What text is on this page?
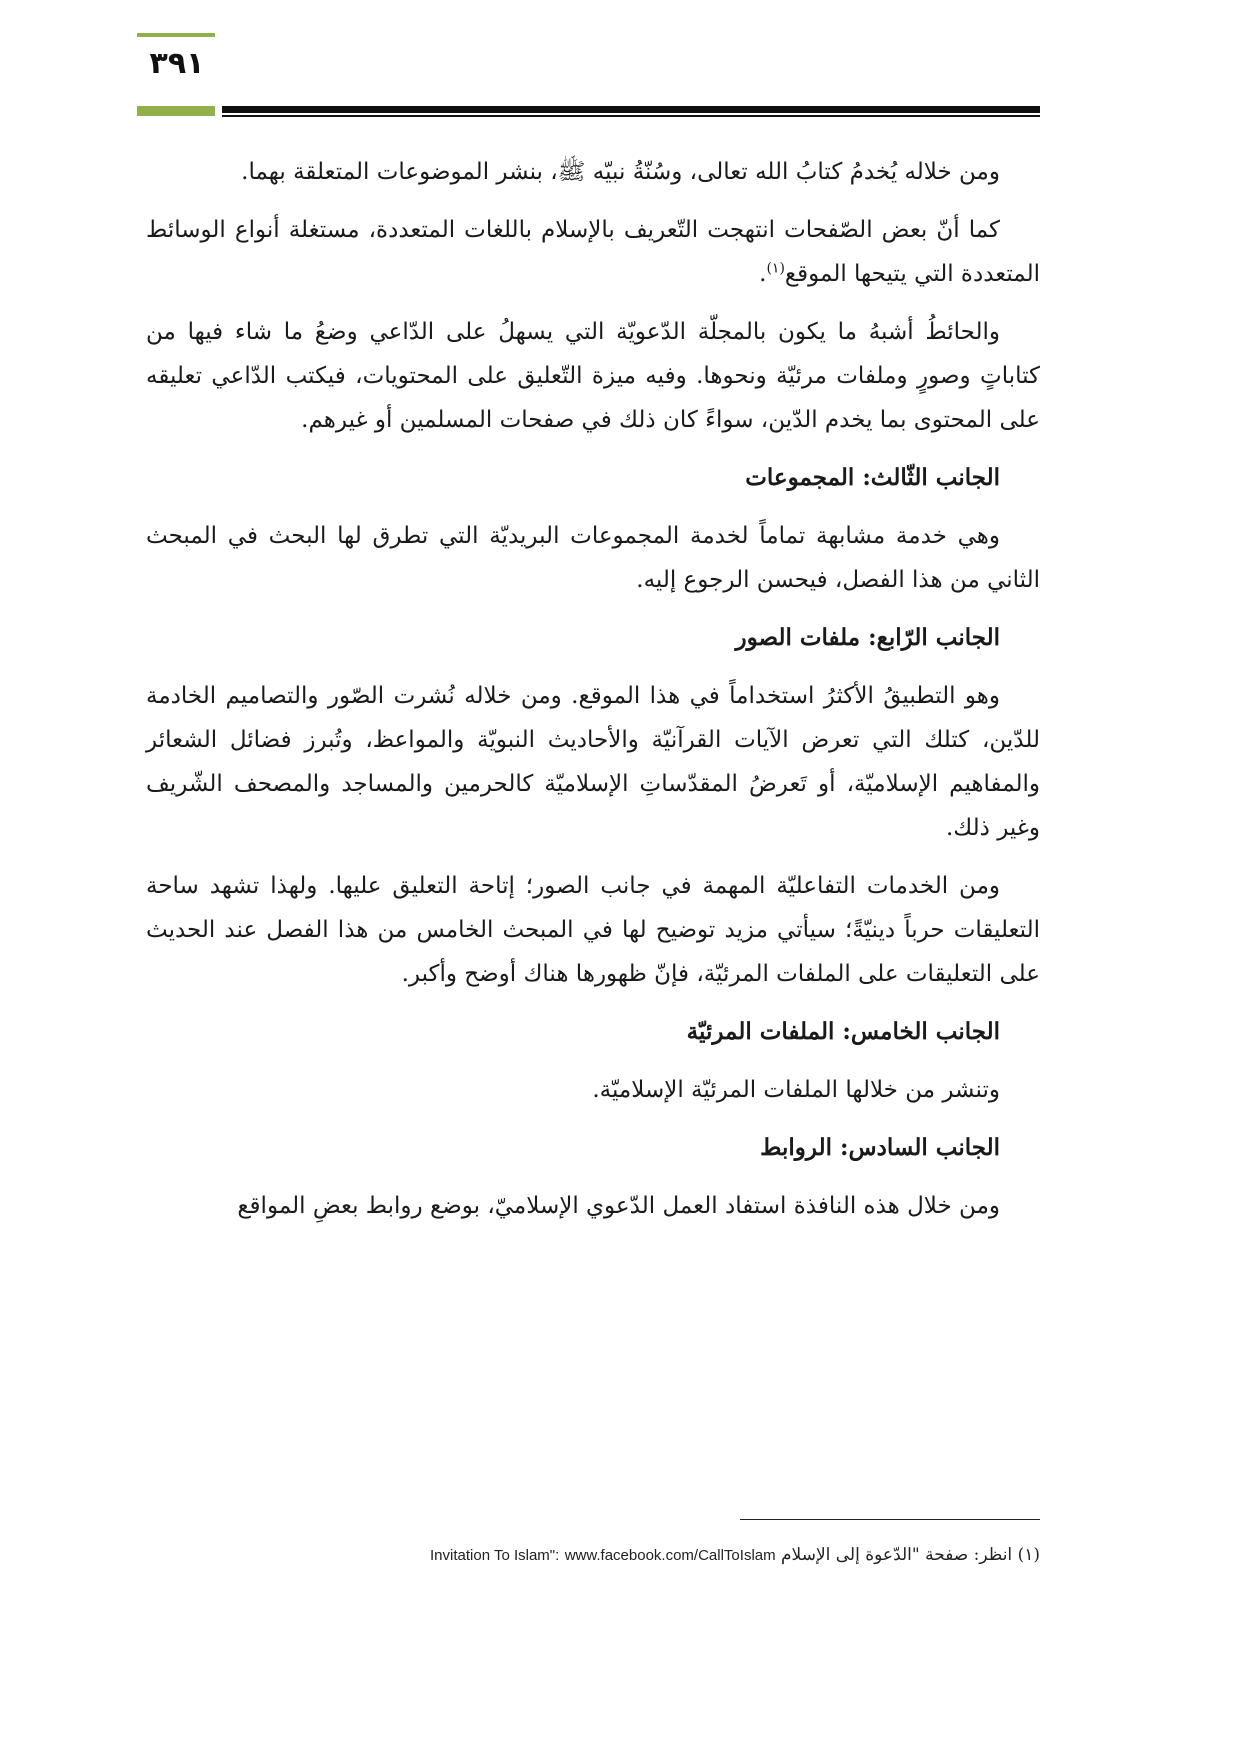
٣٩١

ومن خلاله يُخدمُ كتابُ الله تعالى، وسُنّةُ نبيّه ﷺ، بنشر الموضوعات المتعلقة بهما.

كما أنّ بعض الصّفحات انتهجت التّعريف بالإسلام باللغات المتعددة، مستغلة أنواع الوسائط المتعددة التي يتيحها الموقع$^{(١)}$.

والحائطُ أشبهُ ما يكون بالمجلّة الدّعويّة التي يسهلُ على الدّاعي وضعُ ما شاء فيها من كتاباتٍ وصورٍ وملفات مرئيّة ونحوها. وفيه ميزة التّعليق على المحتويات، فيكتب الدّاعي تعليقه على المحتوى بما يخدم الدّين، سواءً كان ذلك في صفحات المسلمين أو غيرهم.

الجانب الثّالث: المجموعات

وهي خدمة مشابهة تماماً لخدمة المجموعات البريديّة التي تطرق لها البحث في المبحث الثاني من هذا الفصل، فيحسن الرجوع إليه.

الجانب الرّابع: ملفات الصور

وهو التطبيقُ الأكثرُ استخداماً في هذا الموقع. ومن خلاله نُشرت الصّور والتصاميم الخادمة للدّين، كتلك التي تعرض الآيات القرآنيّة والأحاديث النبويّة والمواعظ، وتُبرز فضائل الشعائر والمفاهيم الإسلاميّة، أو تَعرضُ المقدّساتِ الإسلاميّة كالحرمين والمساجد والمصحف الشّريف وغير ذلك.

ومن الخدمات التفاعليّة المهمة في جانب الصور؛ إتاحة التعليق عليها. ولهذا تشهد ساحة التعليقات حرباً دينيّةً؛ سيأتي مزيد توضيح لها في المبحث الخامس من هذا الفصل عند الحديث على التعليقات على الملفات المرئيّة، فإنّ ظهورها هناك أوضح وأكبر.

الجانب الخامس: الملفات المرئيّة

وتنشر من خلالها الملفات المرئيّة الإسلاميّة.

الجانب السادس: الروابط

ومن خلال هذه النافذة استفاد العمل الدّعوي الإسلاميّ، بوضع روابط بعضِ المواقع

(١) انظر: صفحة "الدّعوة إلى الإسلام Invitation To Islam": www.facebook.com/CallToIslam
